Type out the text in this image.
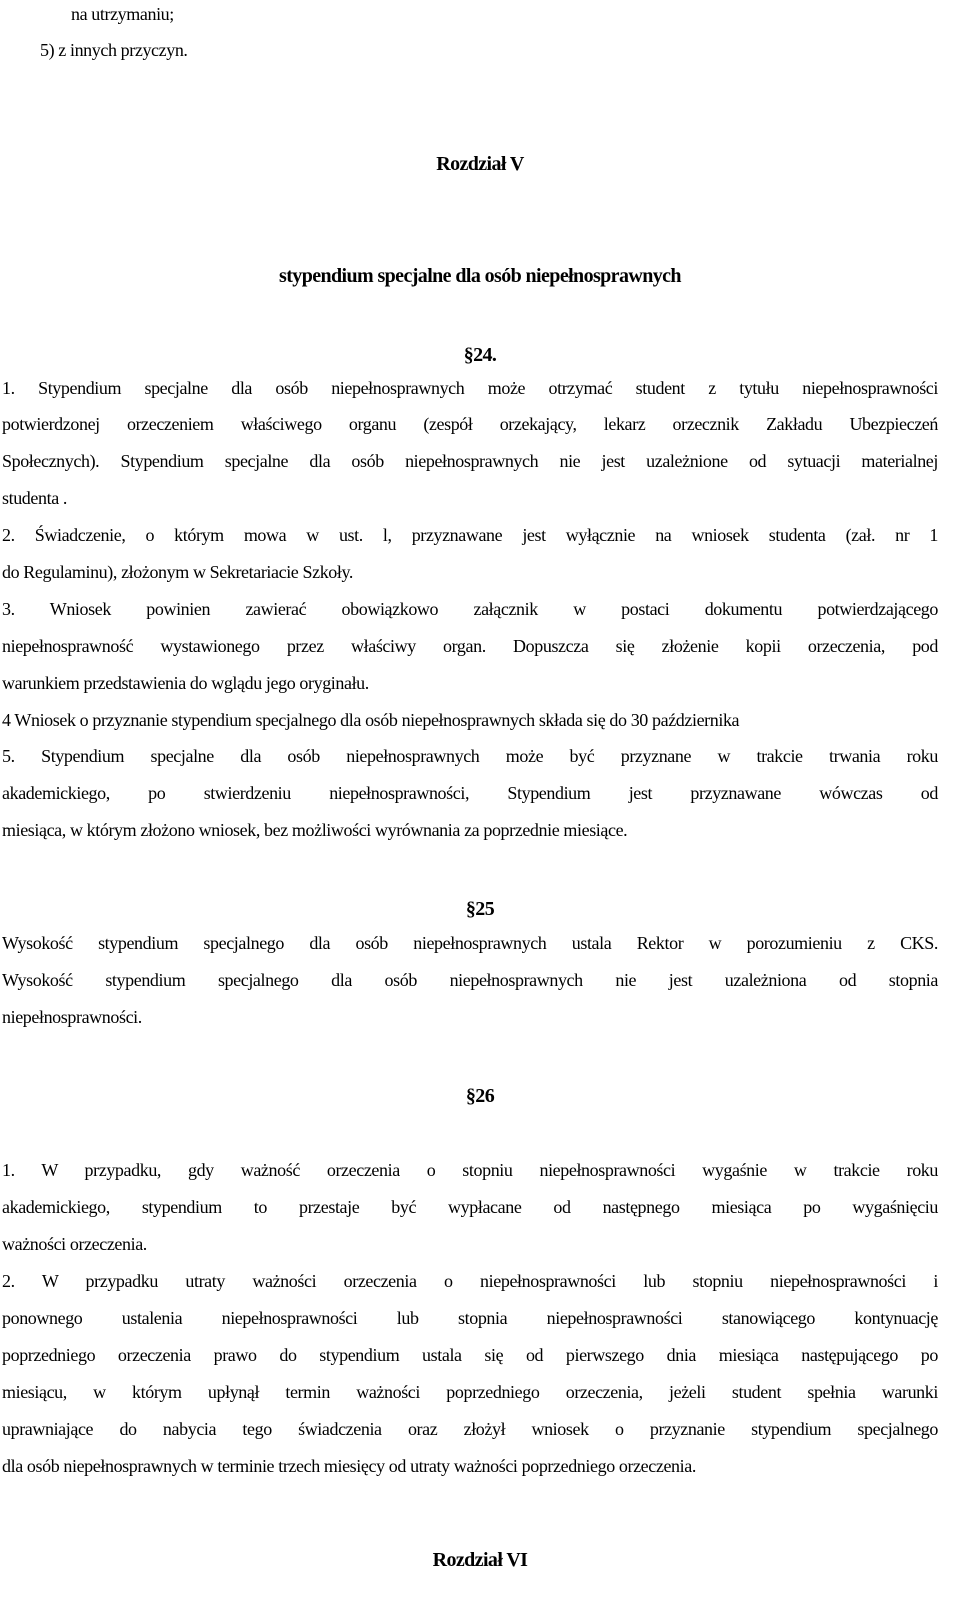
na utrzymaniu;
5) z innych przyczyn.
Rozdział V
stypendium specjalne dla osób niepełnosprawnych
§24.
1. Stypendium specjalne dla osób niepełnosprawnych może otrzymać student z tytułu niepełnosprawności
potwierdzonej orzeczeniem właściwego organu (zespół orzekający, lekarz orzecznik Zakładu Ubezpieczeń
Społecznych). Stypendium specjalne dla osób niepełnosprawnych nie jest uzależnione od sytuacji materialnej
studenta .
2. Świadczenie, o którym mowa w ust. l, przyznawane jest wyłącznie na wniosek studenta (zał. nr 1
do Regulaminu), złożonym w Sekretariacie Szkoły.
3. Wniosek powinien zawierać obowiązkowo załącznik w postaci dokumentu potwierdzającego
niepełnosprawność wystawionego przez właściwy organ. Dopuszcza się złożenie kopii orzeczenia, pod
warunkiem przedstawienia do wglądu jego oryginału.
4 Wniosek o przyznanie stypendium specjalnego dla osób niepełnosprawnych składa się do 30 października
5. Stypendium specjalne dla osób niepełnosprawnych może być przyznane w trakcie trwania roku
akademickiego, po stwierdzeniu niepełnosprawności, Stypendium jest przyznawane wówczas od
miesiąca, w którym złożono wniosek, bez możliwości wyrównania za poprzednie miesiące.
§25
Wysokość stypendium specjalnego dla osób niepełnosprawnych ustala Rektor w porozumieniu z CKS.
Wysokość stypendium specjalnego dla osób niepełnosprawnych nie jest uzależniona od stopnia
niepełnosprawności.
§26
1. W przypadku, gdy ważność orzeczenia o stopniu niepełnosprawności wygaśnie w trakcie roku
akademickiego, stypendium to przestaje być wypłacane od następnego miesiąca po wygaśnięciu
ważności orzeczenia.
2. W przypadku utraty ważności orzeczenia o niepełnosprawności lub stopniu niepełnosprawności i
ponownego ustalenia niepełnosprawności lub stopnia niepełnosprawności stanowiącego kontynuację
poprzedniego orzeczenia prawo do stypendium ustala się od pierwszego dnia miesiąca następującego po
miesiącu, w którym upłynął termin ważności poprzedniego orzeczenia, jeżeli student spełnia warunki
uprawniające do nabycia tego świadczenia oraz złożył wniosek o przyznanie stypendium specjalnego
dla osób niepełnosprawnych w terminie trzech miesięcy od utraty ważności poprzedniego orzeczenia.
Rozdział VI
